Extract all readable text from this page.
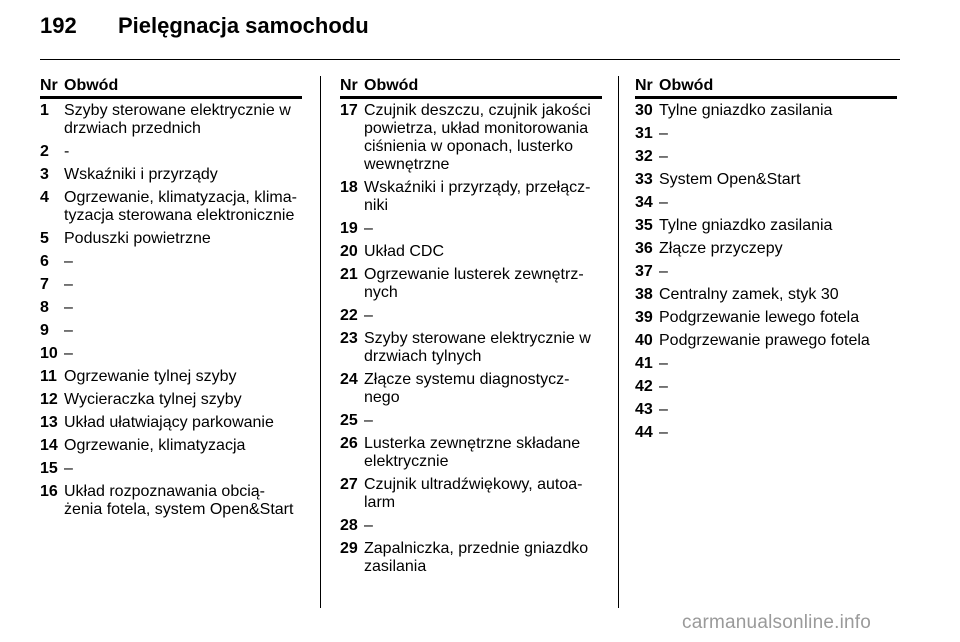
192	Pielęgnacja samochodu
Nr Obwód
1 Szyby sterowane elektrycznie w drzwiach przednich
2 -
3 Wskaźniki i przyrządy
4 Ogrzewanie, klimatyzacja, klima-tyzacja sterowana elektronicznie
5 Poduszki powietrzne
6 –
7 –
8 –
9 –
10 –
11 Ogrzewanie tylnej szyby
12 Wycieraczka tylnej szyby
13 Układ ułatwiający parkowanie
14 Ogrzewanie, klimatyzacja
15 –
16 Układ rozpoznawania obcią-żenia fotela, system Open&Start
Nr Obwód
17 Czujnik deszczu, czujnik jakości powietrza, układ monitorowania ciśnienia w oponach, lusterko wewnętrzne
18 Wskaźniki i przyrządy, przełącz-niki
19 –
20 Układ CDC
21 Ogrzewanie lusterek zewnętrz-nych
22 –
23 Szyby sterowane elektrycznie w drzwiach tylnych
24 Złącze systemu diagnostycz-nego
25 –
26 Lusterka zewnętrzne składane elektrycznie
27 Czujnik ultradźwiękowy, autoa-larm
28 –
29 Zapalniczka, przednie gniazdko zasilania
Nr Obwód
30 Tylne gniazdko zasilania
31 –
32 –
33 System Open&Start
34 –
35 Tylne gniazdko zasilania
36 Złącze przyczepy
37 –
38 Centralny zamek, styk 30
39 Podgrzewanie lewego fotela
40 Podgrzewanie prawego fotela
41 –
42 –
43 –
44 –
carmanualsonline.info
